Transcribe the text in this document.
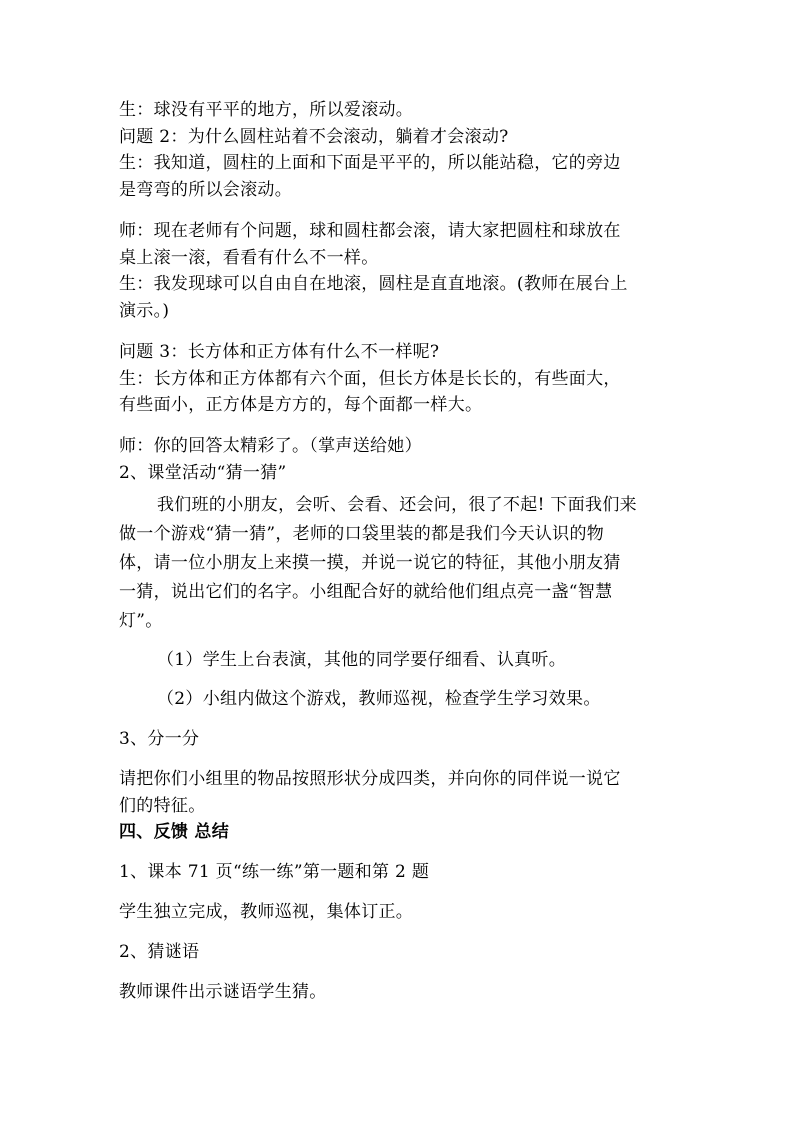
生：球没有平平的地方，所以爱滚动。
问题 2：为什么圆柱站着不会滚动，躺着才会滚动?
生：我知道，圆柱的上面和下面是平平的，所以能站稳，它的旁边
是弯弯的所以会滚动。
师：现在老师有个问题，球和圆柱都会滚，请大家把圆柱和球放在
桌上滚一滚，看看有什么不一样。
生：我发现球可以自由自在地滚，圆柱是直直地滚。(教师在展台上
演示。)
问题 3：长方体和正方体有什么不一样呢?
生：长方体和正方体都有六个面，但长方体是长长的，有些面大，
有些面小，正方体是方方的，每个面都一样大。
师：你的回答太精彩了。（掌声送给她）
2、课堂活动“猜一猜”
我们班的小朋友，会听、会看、还会问，很了不起! 下面我们来
做一个游戏“猜一猜”，老师的口袋里装的都是我们今天认识的物
体，请一位小朋友上来摸一摸，并说一说它的特征，其他小朋友猜
一猜，说出它们的名字。小组配合好的就给他们组点亮一盏“智慧
灯”。
（1）学生上台表演，其他的同学要仔细看、认真听。
（2）小组内做这个游戏，教师巡视，检查学生学习效果。
3、分一分
请把你们小组里的物品按照形状分成四类，并向你的同伴说一说它
们的特征。
四、反馈 总结
1、课本 71 页“练一练”第一题和第 2 题
学生独立完成，教师巡视，集体订正。
2、猜谜语
教师课件出示谜语学生猜。
